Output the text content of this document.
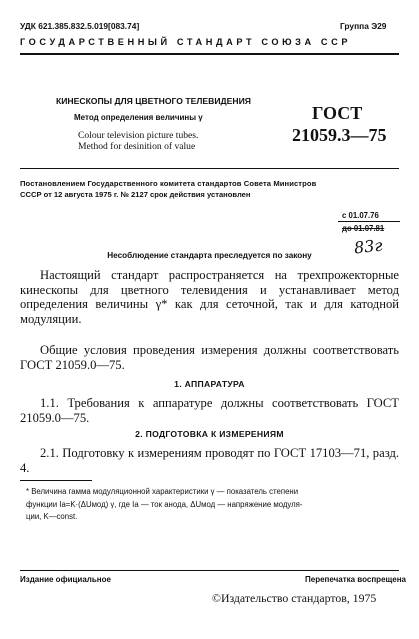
УДК 621.385.832.5.019[083.74]	Группа Э29
ГОСУДАРСТВЕННЫЙ СТАНДАРТ СОЮЗА ССР
КИНЕСКОПЫ ДЛЯ ЦВЕТНОГО ТЕЛЕВИДЕНИЯ
Метод определения величины γ
Colour television picture tubes.
Method for desinition of value
ГОСТ
21059.3—75
Постановлением Государственного комитета стандартов Совета Министров
СССР от 12 августа 1975 г. № 2127 срок действия установлен
с 01.07.76
до 01.07.81
83г
Несоблюдение стандарта преследуется по закону
Настоящий стандарт распространяется на трехпрожекторные кинескопы для цветного телевидения и устанавливает метод определения величины γ* как для сеточной, так и для катодной модуляции.
Общие условия проведения измерения должны соответствовать ГОСТ 21059.0—75.
1. АППАРАТУРА
1.1. Требования к аппаратуре должны соответствовать ГОСТ 21059.0—75.
2. ПОДГОТОВКА К ИЗМЕРЕНИЯМ
2.1. Подготовку к измерениям проводят по ГОСТ 17103—71, разд. 4.
* Величина гамма модуляционной характеристики γ — показатель степени
функции Iа=K·(ΔUмод) γ, где Iа — ток анода, ΔUмод — напряжение модуля-
ции, K—const.
Издание официальное	Перепечатка воспрещена
©Издательство стандартов, 1975
